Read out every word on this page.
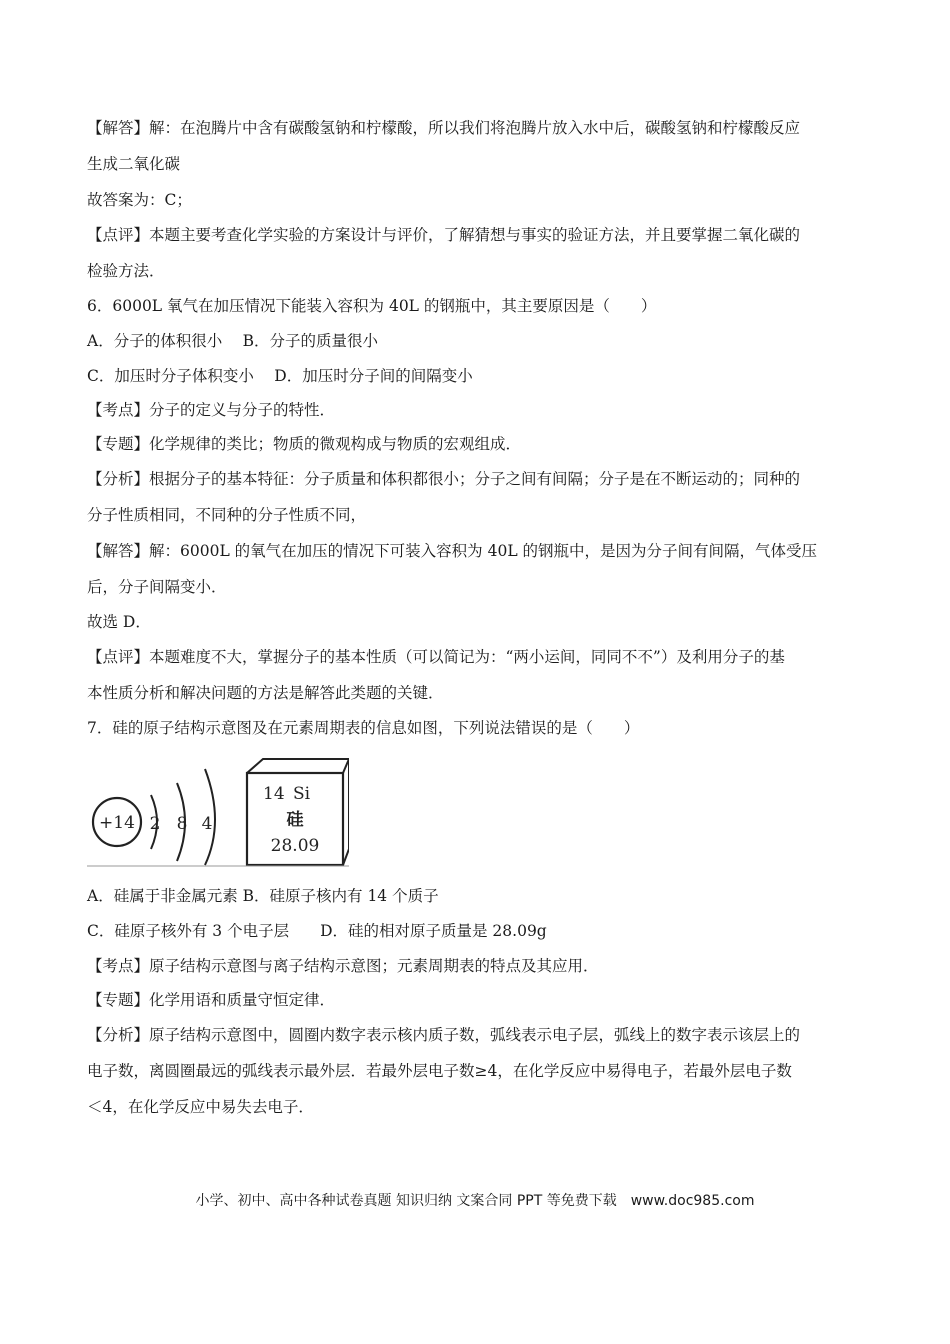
【解答】解：在泡腾片中含有碳酸氢钠和柠檬酸，所以我们将泡腾片放入水中后，碳酸氢钠和柠檬酸反应
生成二氧化碳
故答案为：C；
【点评】本题主要考查化学实验的方案设计与评价，了解猜想与事实的验证方法，并且要掌握二氧化碳的
检验方法．
6．6000L 氧气在加压情况下能装入容积为 40L 的钢瓶中，其主要原因是（　　）
A．分子的体积很小　 B．分子的质量很小
C．加压时分子体积变小　 D．加压时分子间的间隔变小
【考点】分子的定义与分子的特性．
【专题】化学规律的类比；物质的微观构成与物质的宏观组成．
【分析】根据分子的基本特征：分子质量和体积都很小；分子之间有间隔；分子是在不断运动的；同种的
分子性质相同，不同种的分子性质不同，
【解答】解：6000L 的氧气在加压的情况下可装入容积为 40L 的钢瓶中，是因为分子间有间隔，气体受压
后，分子间隔变小．
故选 D．
【点评】本题难度不大，掌握分子的基本性质（可以简记为：“两小运间，同同不不”）及利用分子的基
本性质分析和解决问题的方法是解答此类题的关键．
7．硅的原子结构示意图及在元素周期表的信息如图，下列说法错误的是（　　）
+14 2 8 4
14 Si
硅
28.09
A．硅属于非金属元素 B．硅原子核内有 14 个质子
C．硅原子核外有 3 个电子层　　D．硅的相对原子质量是 28.09g
【考点】原子结构示意图与离子结构示意图；元素周期表的特点及其应用．
【专题】化学用语和质量守恒定律．
【分析】原子结构示意图中，圆圈内数字表示核内质子数，弧线表示电子层，弧线上的数字表示该层上的
电子数，离圆圈最远的弧线表示最外层．若最外层电子数≥4，在化学反应中易得电子，若最外层电子数
＜4，在化学反应中易失去电子．
小学、初中、高中各种试卷真题 知识归纳 文案合同 PPT 等免费下载　www.doc985.com
